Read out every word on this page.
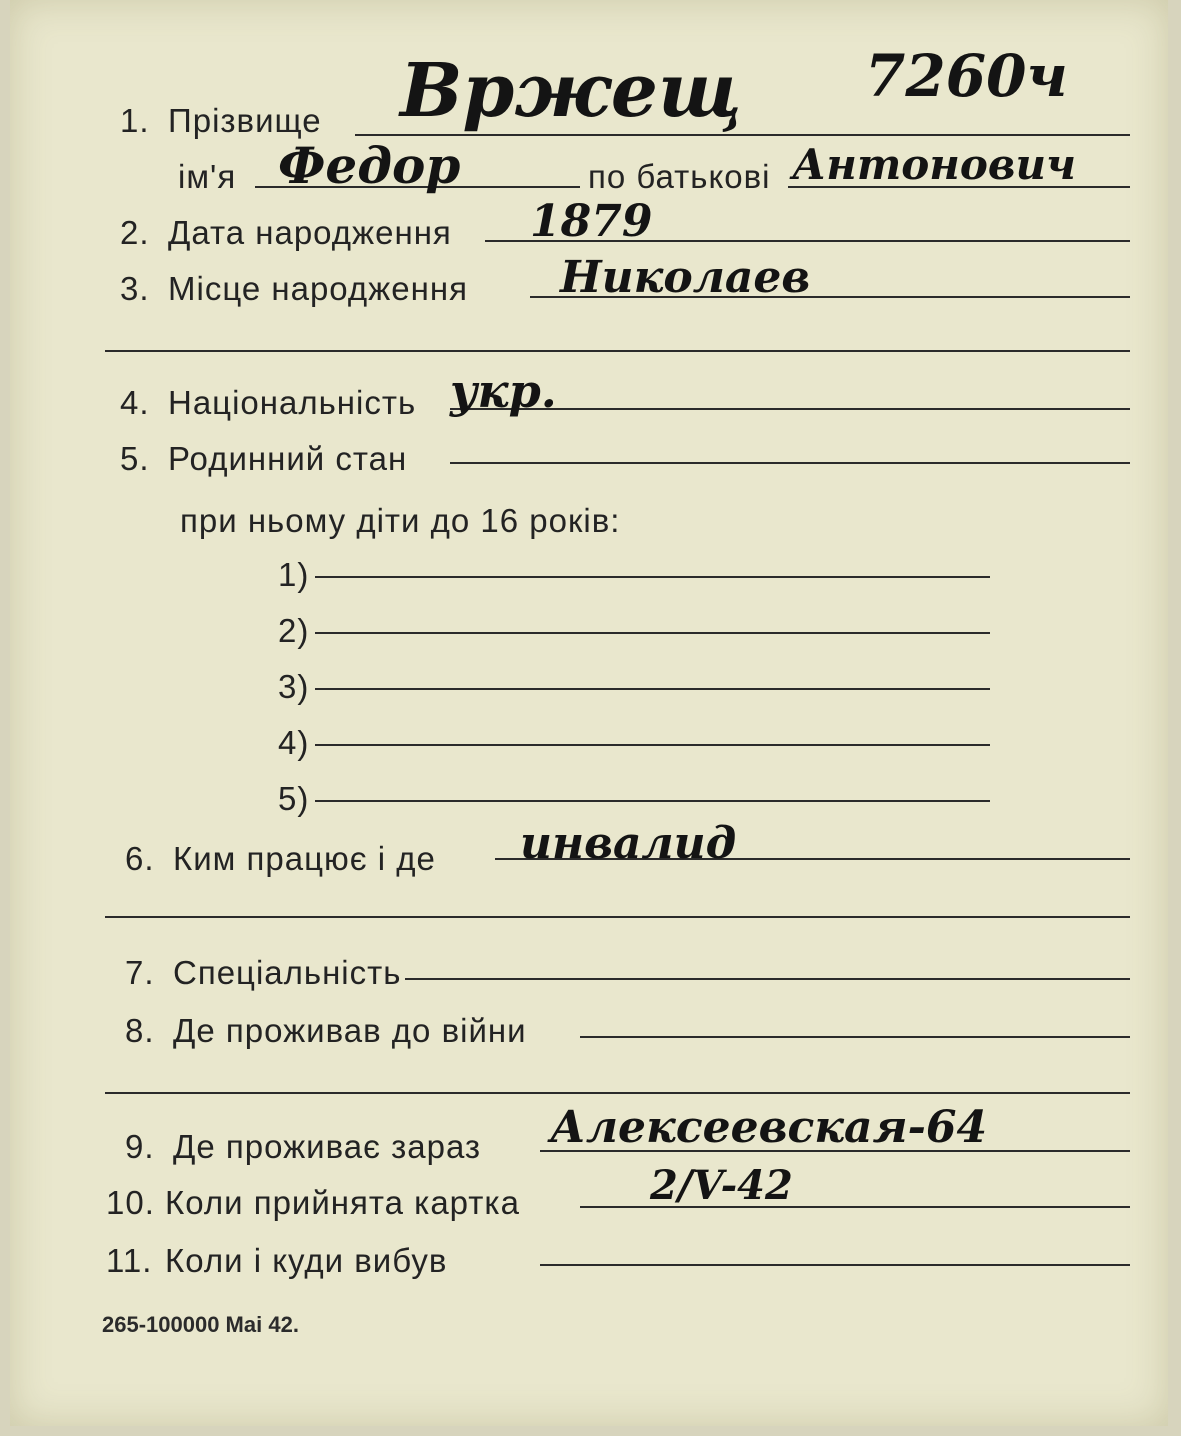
7260ч
1. Прізвище Вржещ
ім'я Федор	по батькові Антонович
2. Дата народження 1879
3. Місце народження Николаев
4. Національність укр.
5. Родинний стан
при ньому діти до 16 років:
1)
2)
3)
4)
5)
6. Ким працює і де инвалид
7. Спеціальність
8. Де проживав до війни
9. Де проживає зараз Алексеевская-64
10. Коли прийнята картка	2/V-42
11. Коли і куди вибув
265-100000 Mai 42.
